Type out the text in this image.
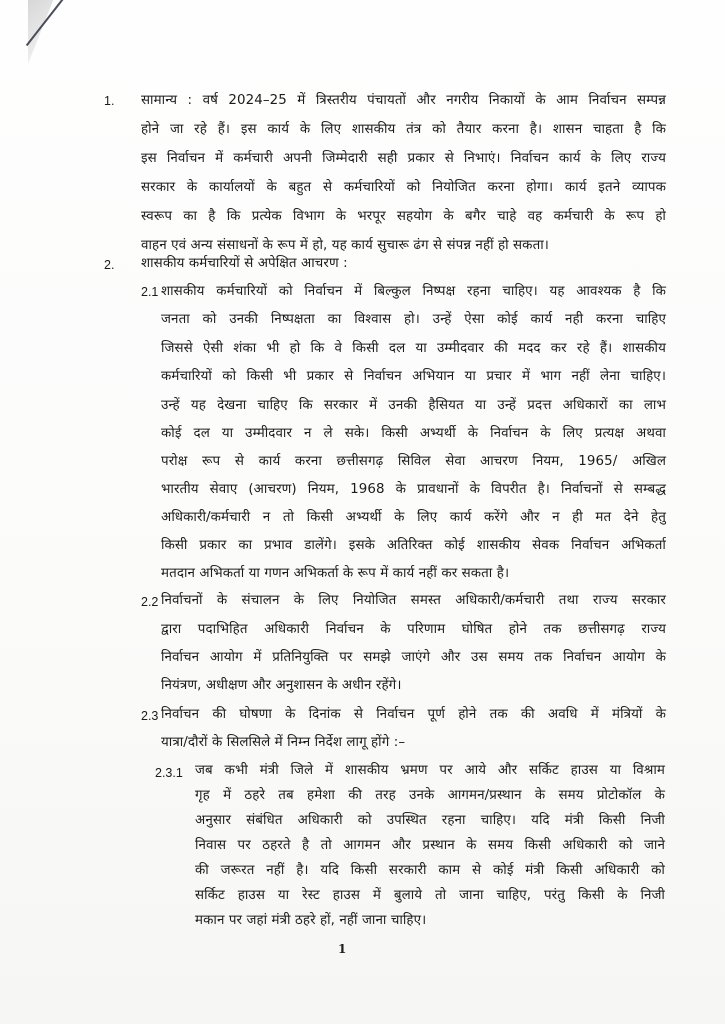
1. सामान्य : वर्ष 2024–25 में त्रिस्तरीय पंचायतों और नगरीय निकायों के आम निर्वाचन सम्पन्न
होने जा रहे हैं। इस कार्य के लिए शासकीय तंत्र को तैयार करना है। शासन चाहता है कि
इस निर्वाचन में कर्मचारी अपनी जिम्मेदारी सही प्रकार से निभाएं। निर्वाचन कार्य के लिए राज्य
सरकार के कार्यालयों के बहुत से कर्मचारियों को नियोजित करना होगा। कार्य इतने व्यापक
स्वरूप का है कि प्रत्येक विभाग के भरपूर सहयोग के बगैर चाहे वह कर्मचारी के रूप हो
वाहन एवं अन्य संसाधनों के रूप में हो, यह कार्य सुचारू ढंग से संपन्न नहीं हो सकता।
2. शासकीय कर्मचारियों से अपेक्षित आचरण :
2.1 शासकीय कर्मचारियों को निर्वाचन में बिल्कुल निष्पक्ष रहना चाहिए। यह आवश्यक है कि
जनता को उनकी निष्पक्षता का विश्वास हो। उन्हें ऐसा कोई कार्य नही करना चाहिए
जिससे ऐसी शंका भी हो कि वे किसी दल या उम्मीदवार की मदद कर रहे हैं। शासकीय
कर्मचारियों को किसी भी प्रकार से निर्वाचन अभियान या प्रचार में भाग नहीं लेना चाहिए।
उन्हें यह देखना चाहिए कि सरकार में उनकी हैसियत या उन्हें प्रदत्त अधिकारों का लाभ
कोई दल या उम्मीदवार न ले सके। किसी अभ्यर्थी के निर्वाचन के लिए प्रत्यक्ष अथवा
परोक्ष रूप से कार्य करना छत्तीसगढ़ सिविल सेवा आचरण नियम, 1965/ अखिल
भारतीय सेवाए (आचरण) नियम, 1968 के प्रावधानों के विपरीत है। निर्वाचनों से सम्बद्ध
अधिकारी/कर्मचारी न तो किसी अभ्यर्थी के लिए कार्य करेंगे और न ही मत देने हेतु
किसी प्रकार का प्रभाव डालेंगे। इसके अतिरिक्त कोई शासकीय सेवक निर्वाचन अभिकर्ता
मतदान अभिकर्ता या गणन अभिकर्ता के रूप में कार्य नहीं कर सकता है।
2.2 निर्वाचनों के संचालन के लिए नियोजित समस्त अधिकारी/कर्मचारी तथा राज्य सरकार
द्वारा पदाभिहित अधिकारी निर्वाचन के परिणाम घोषित होने तक छत्तीसगढ़ राज्य
निर्वाचन आयोग में प्रतिनियुक्ति पर समझे जाएंगे और उस समय तक निर्वाचन आयोग के
नियंत्रण, अधीक्षण और अनुशासन के अधीन रहेंगे।
2.3 निर्वाचन की घोषणा के दिनांक से निर्वाचन पूर्ण होने तक की अवधि में मंत्रियों के
यात्रा/दौरों के सिलसिले में निम्न निर्देश लागू होंगे :–
2.3.1 जब कभी मंत्री जिले में शासकीय भ्रमण पर आये और सर्किट हाउस या विश्राम
गृह में ठहरे तब हमेशा की तरह उनके आगमन/प्रस्थान के समय प्रोटोकॉल के
अनुसार संबंधित अधिकारी को उपस्थित रहना चाहिए। यदि मंत्री किसी निजी
निवास पर ठहरते है तो आगमन और प्रस्थान के समय किसी अधिकारी को जाने
की जरूरत नहीं है। यदि किसी सरकारी काम से कोई मंत्री किसी अधिकारी को
सर्किट हाउस या रेस्ट हाउस में बुलाये तो जाना चाहिए, परंतु किसी के निजी
मकान पर जहां मंत्री ठहरे हों, नहीं जाना चाहिए।
1
